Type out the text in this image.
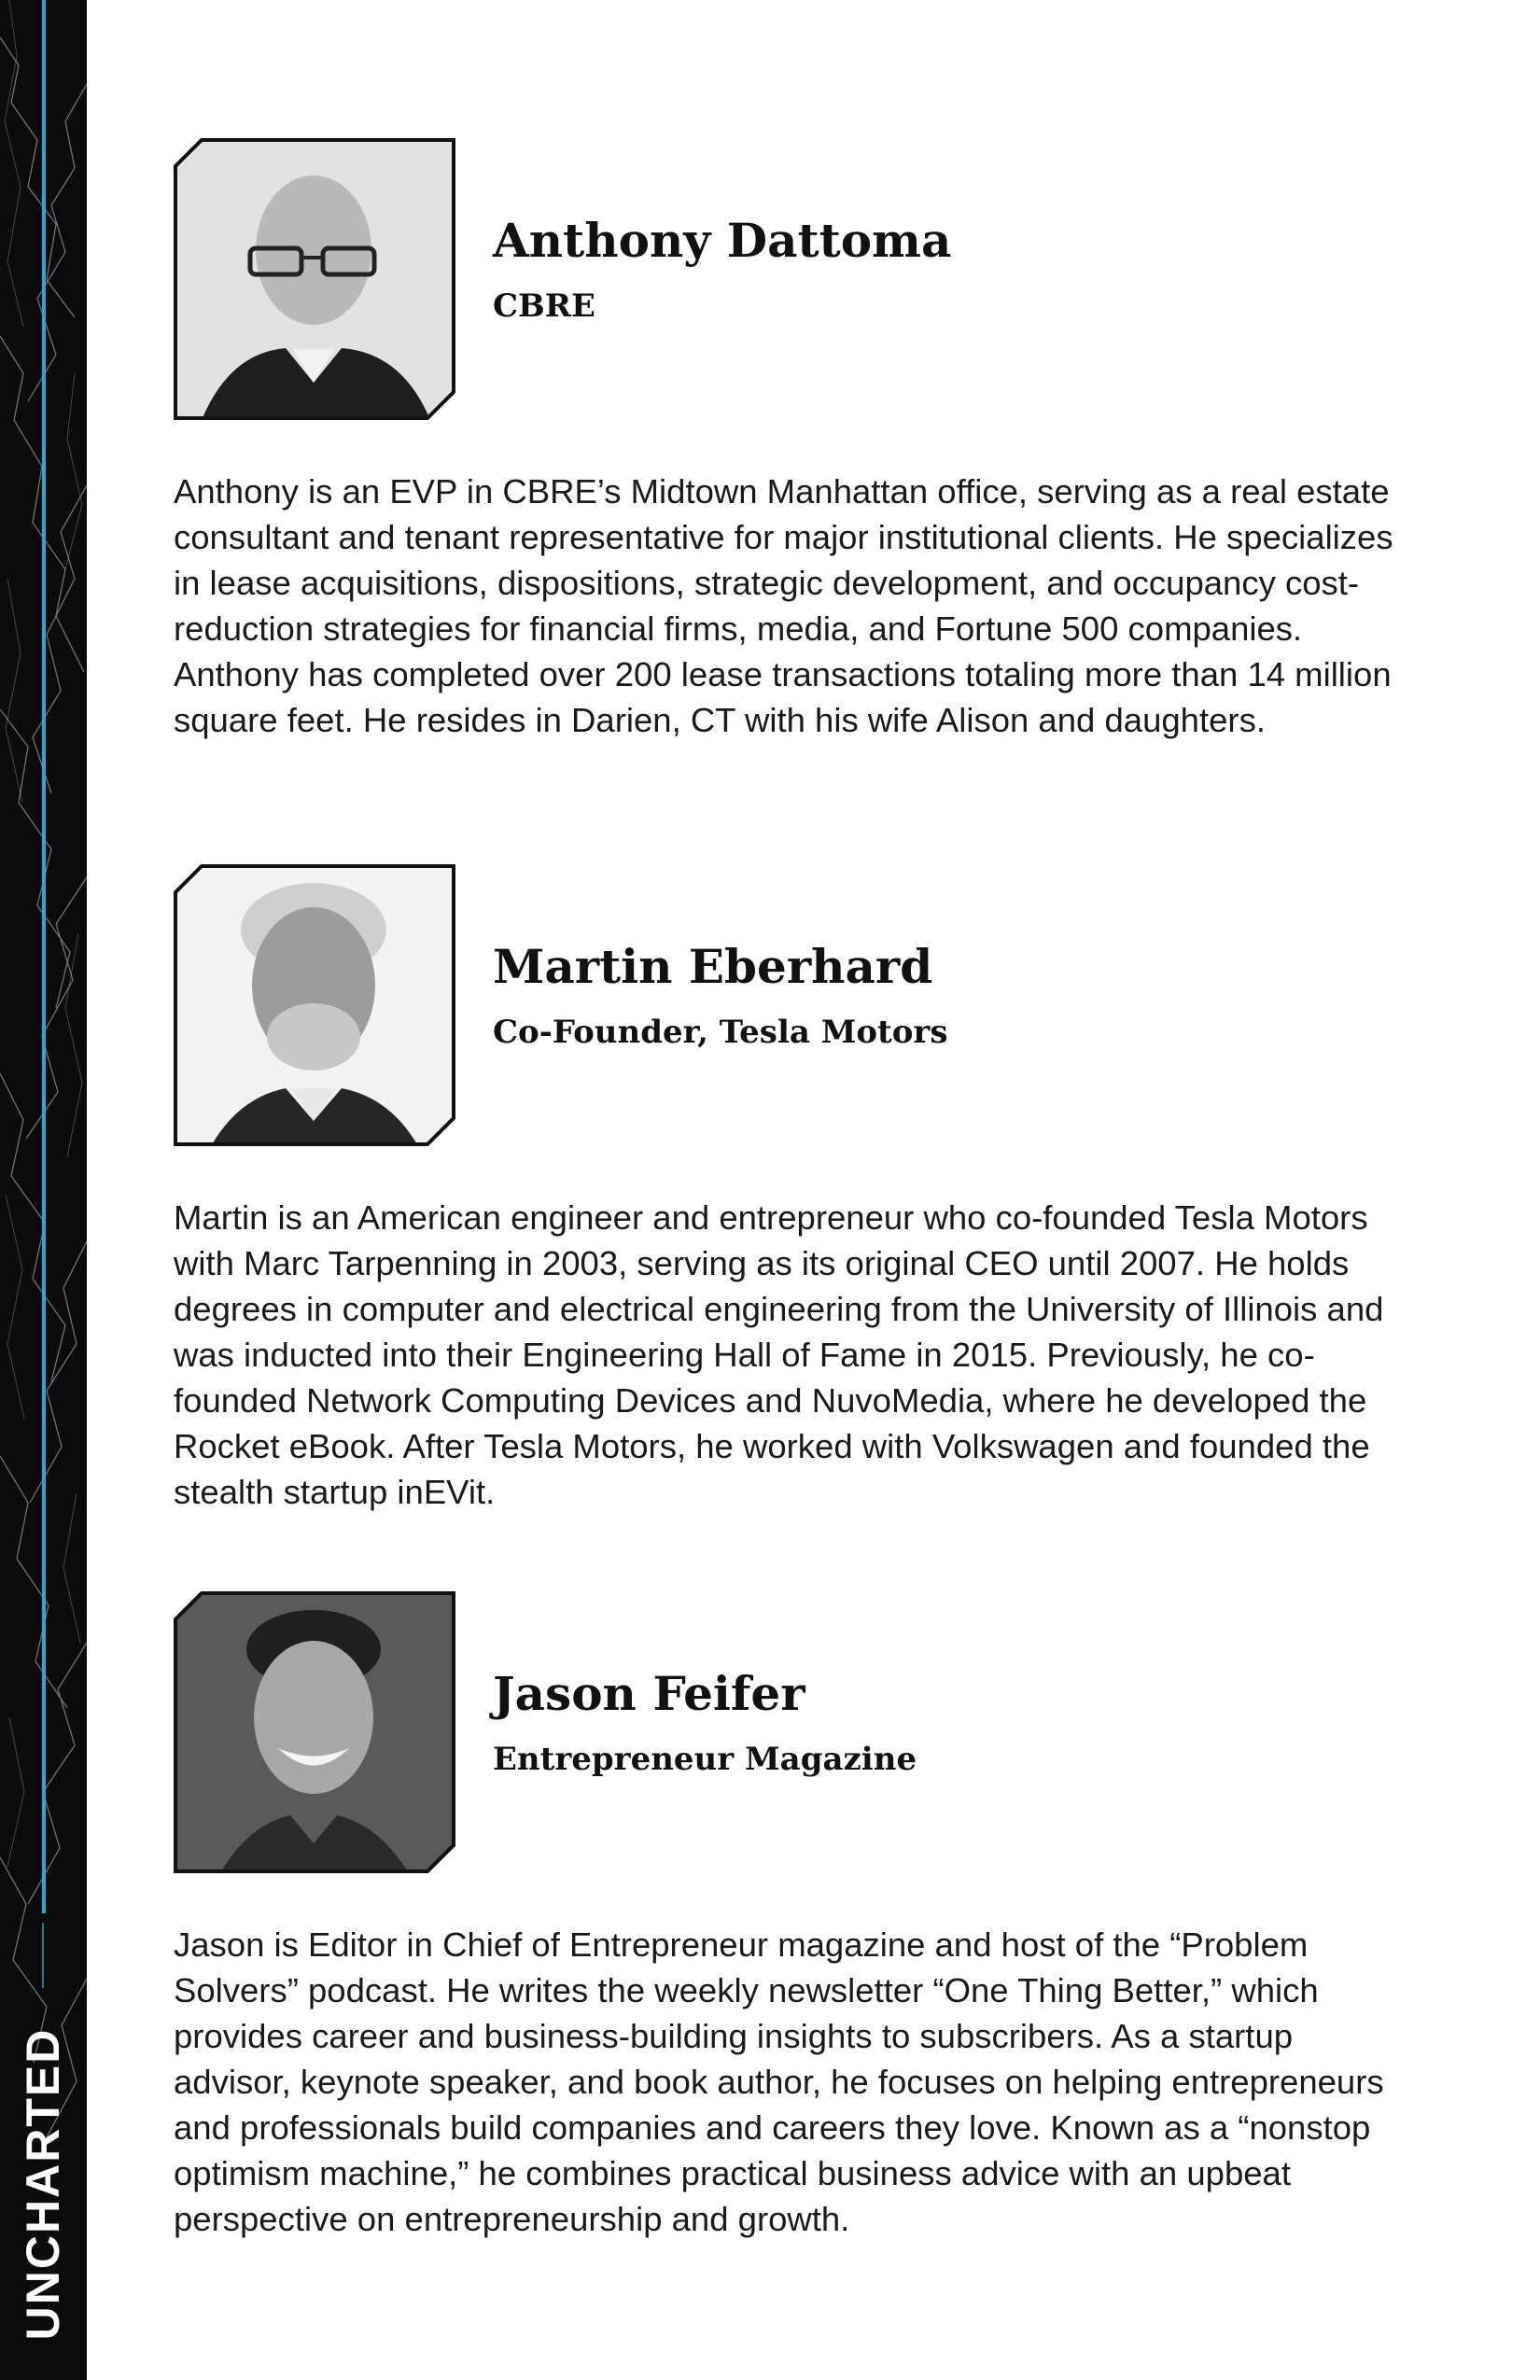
UNCHARTED
Anthony Dattoma
CBRE

Anthony is an EVP in CBRE’s Midtown Manhattan office, serving as a real estate consultant and tenant representative for major institutional clients. He specializes in lease acquisitions, dispositions, strategic development, and occupancy cost-reduction strategies for financial firms, media, and Fortune 500 companies. Anthony has completed over 200 lease transactions totaling more than 14 million square feet. He resides in Darien, CT with his wife Alison and daughters.

Martin Eberhard
Co-Founder, Tesla Motors

Martin is an American engineer and entrepreneur who co-founded Tesla Motors with Marc Tarpenning in 2003, serving as its original CEO until 2007. He holds degrees in computer and electrical engineering from the University of Illinois and was inducted into their Engineering Hall of Fame in 2015. Previously, he co-founded Network Computing Devices and NuvoMedia, where he developed the Rocket eBook. After Tesla Motors, he worked with Volkswagen and founded the stealth startup inEVit.

Jason Feifer
Entrepreneur Magazine

Jason is Editor in Chief of Entrepreneur magazine and host of the “Problem Solvers” podcast. He writes the weekly newsletter “One Thing Better,” which provides career and business-building insights to subscribers. As a startup advisor, keynote speaker, and book author, he focuses on helping entrepreneurs and professionals build companies and careers they love. Known as a “nonstop optimism machine,” he combines practical business advice with an upbeat perspective on entrepreneurship and growth.
